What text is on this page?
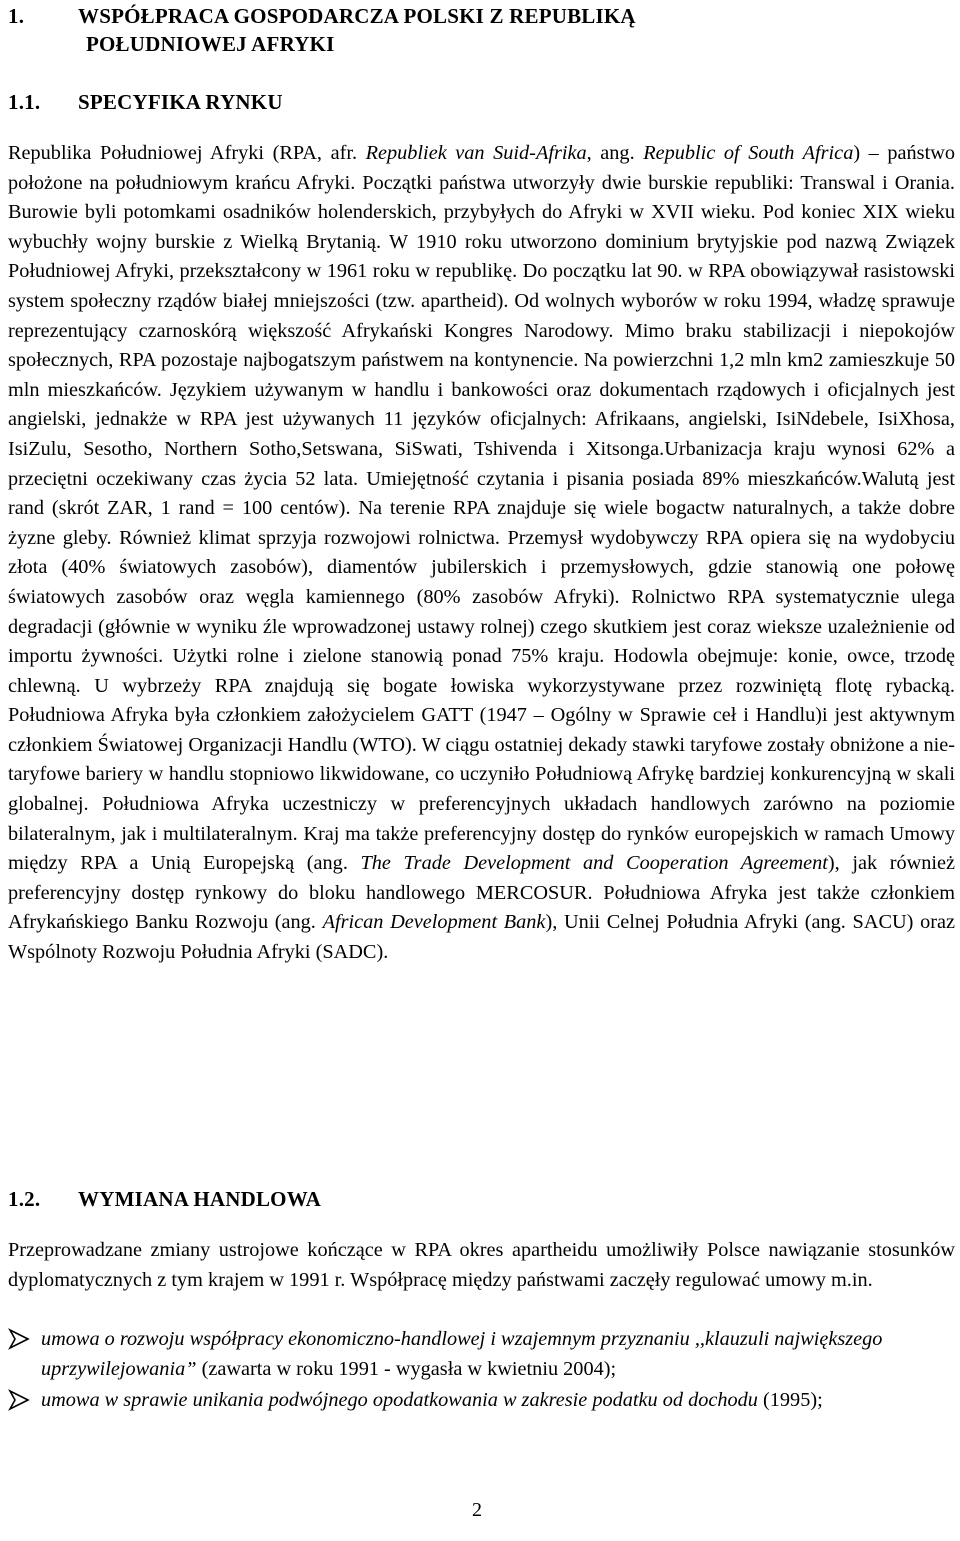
1.	WSPÓŁPRACA GOSPODARCZA POLSKI Z REPUBLIKĄ
POŁUDNIOWEJ AFRYKI
1.1. SPECYFIKA RYNKU

Republika Południowej Afryki (RPA, afr. Republiek van Suid-Afrika, ang. Republic of South Africa) – państwo położone na południowym krańcu Afryki. Początki państwa utworzyły dwie burskie republiki: Transwal i Orania. Burowie byli potomkami osadników holenderskich, przybyłych do Afryki w XVII wieku. Pod koniec XIX wieku wybuchły wojny burskie z Wielką Brytanią. W 1910 roku utworzono dominium brytyjskie pod nazwą Związek Południowej Afryki, przekształcony w 1961 roku w republikę. Do początku lat 90. w RPA obowiązywał rasistowski system społeczny rządów białej mniejszości (tzw. apartheid). Od wolnych wyborów w roku 1994, władzę sprawuje reprezentujący czarnoskórą większość Afrykański Kongres Narodowy. Mimo braku stabilizacji i niepokojów społecznych, RPA pozostaje najbogatszym państwem na kontynencie. Na powierzchni 1,2 mln km2 zamieszkuje 50 mln mieszkańców. Językiem używanym w handlu i bankowości oraz dokumentach rządowych i oficjalnych jest angielski, jednakże w RPA jest używanych 11 języków oficjalnych: Afrikaans, angielski, IsiNdebele, IsiXhosa, IsiZulu, Sesotho, Northern Sotho,Setswana, SiSwati, Tshivenda i Xitsonga.Urbanizacja kraju wynosi 62% a przeciętni oczekiwany czas życia 52 lata. Umiejętność czytania i pisania posiada 89% mieszkańców.Walutą jest rand (skrót ZAR, 1 rand = 100 centów). Na terenie RPA znajduje się wiele bogactw naturalnych, a także dobre żyzne gleby. Również klimat sprzyja rozwojowi rolnictwa. Przemysł wydobywczy RPA opiera się na wydobyciu złota (40% światowych zasobów), diamentów jubilerskich i przemysłowych, gdzie stanowią one połowę światowych zasobów oraz węgla kamiennego (80% zasobów Afryki). Rolnictwo RPA systematycznie ulega degradacji (głównie w wyniku źle wprowadzonej ustawy rolnej) czego skutkiem jest coraz wieksze uzależnienie od importu żywności. Użytki rolne i zielone stanowią ponad 75% kraju. Hodowla obejmuje: konie, owce, trzodę chlewną. U wybrzeży RPA znajdują się bogate łowiska wykorzystywane przez rozwiniętą flotę rybacką. Południowa Afryka była członkiem założycielem GATT (1947 – Ogólny w Sprawie ceł i Handlu)i jest aktywnym członkiem Światowej Organizacji Handlu (WTO). W ciągu ostatniej dekady stawki taryfowe zostały obniżone a nie-taryfowe bariery w handlu stopniowo likwidowane, co uczyniło Południową Afrykę bardziej konkurencyjną w skali globalnej. Południowa Afryka uczestniczy w preferencyjnych układach handlowych zarówno na poziomie bilateralnym, jak i multilateralnym. Kraj ma także preferencyjny dostęp do rynków europejskich w ramach Umowy między RPA a Unią Europejską (ang. The Trade Development and Cooperation Agreement), jak również preferencyjny dostęp rynkowy do bloku handlowego MERCOSUR. Południowa Afryka jest także członkiem Afrykańskiego Banku Rozwoju (ang. African Development Bank), Unii Celnej Południa Afryki (ang. SACU) oraz Wspólnoty Rozwoju Południa Afryki (SADC).

1.2. WYMIANA HANDLOWA

Przeprowadzane zmiany ustrojowe kończące w RPA okres apartheidu umożliwiły Polsce nawiązanie stosunków dyplomatycznych z tym krajem w 1991 r. Współpracę między państwami zaczęły regulować umowy m.in.

umowa o rozwoju współpracy ekonomiczno-handlowej i wzajemnym przyznaniu ,,klauzuli największego uprzywilejowania” (zawarta w roku 1991 - wygasła w kwietniu 2004);
umowa w sprawie unikania podwójnego opodatkowania w zakresie podatku od dochodu (1995);
2
